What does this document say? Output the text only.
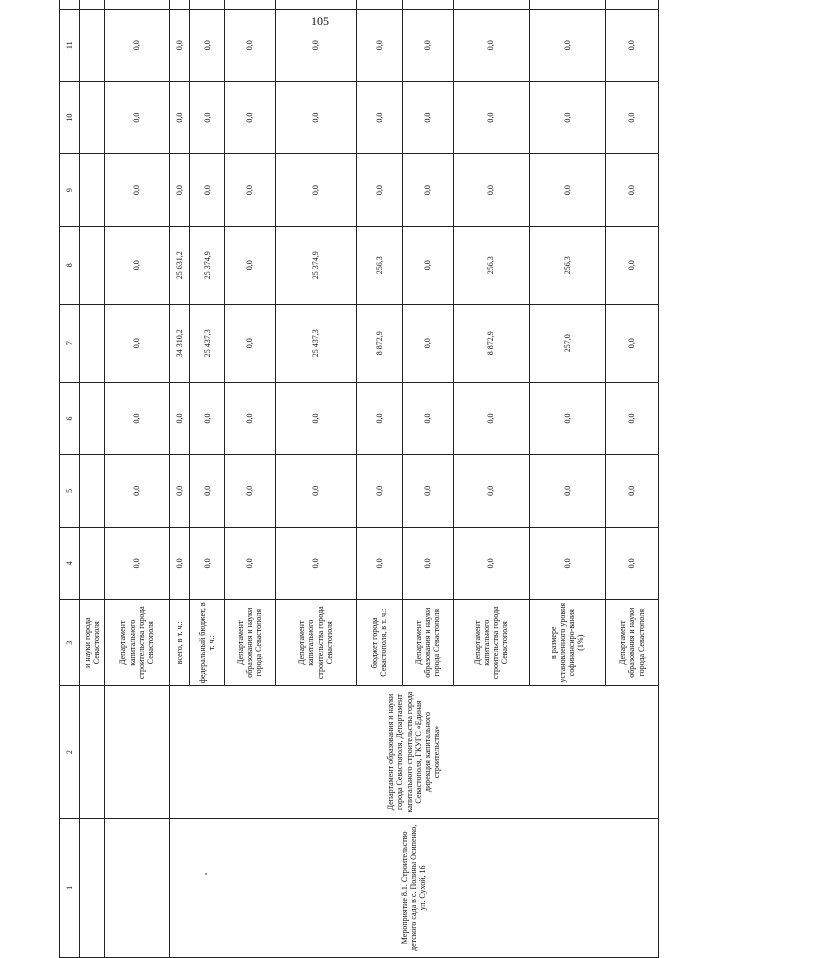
105
1	2	3	4	5	6	7	8	9	10	11		
		и науки города Севастополя										
		Департамент капитального строительства города Севастополя	0,0	0,0	0,0	0,0	0,0	0,0	0,0	0,0		
Мероприятие 8.1. Строительство детского сада в с. Полины Осипенко, ул. Сухой, 16	Департамент образования и науки города Севастополя, Департамент капитального строительства города Севастополя, ГКУГС «Единая дирекция капитального строительства»	всего, в т. ч.:	0,0	0,0	0,0	34 310,2	25 631,2	0,0	0,0	0,0		
		федеральный бюджет, в т. ч.:	0,0	0,0	0,0	25 437,3	25 374,9	0,0	0,0	0,0		
		Департамент образования и науки города Севастополя	0,0	0,0	0,0	0,0	0,0	0,0	0,0	0,0		
		Департамент капитального строительства города Севастополя	0,0	0,0	0,0	25 437,3	25 374,9	0,0	0,0	0,0		
		бюджет города Севастополя, в т. ч.:	0,0	0,0	0,0	8 872,9	256,3	0,0	0,0	0,0		
		Департамент образования и науки города Севастополя	0,0	0,0	0,0	0,0	0,0	0,0	0,0	0,0		
		Департамент капитального строительства города Севастополя	0,0	0,0	0,0	8 872,9	256,3	0,0	0,0	0,0		
		в размере установленного уровня софинансиро-вания (1%)	0,0	0,0	0,0	257,0	256,3	0,0	0,0	0,0		
		Департамент образования и науки города Севастополя	0,0	0,0	0,0	0,0	0,0	0,0	0,0	0,0		
